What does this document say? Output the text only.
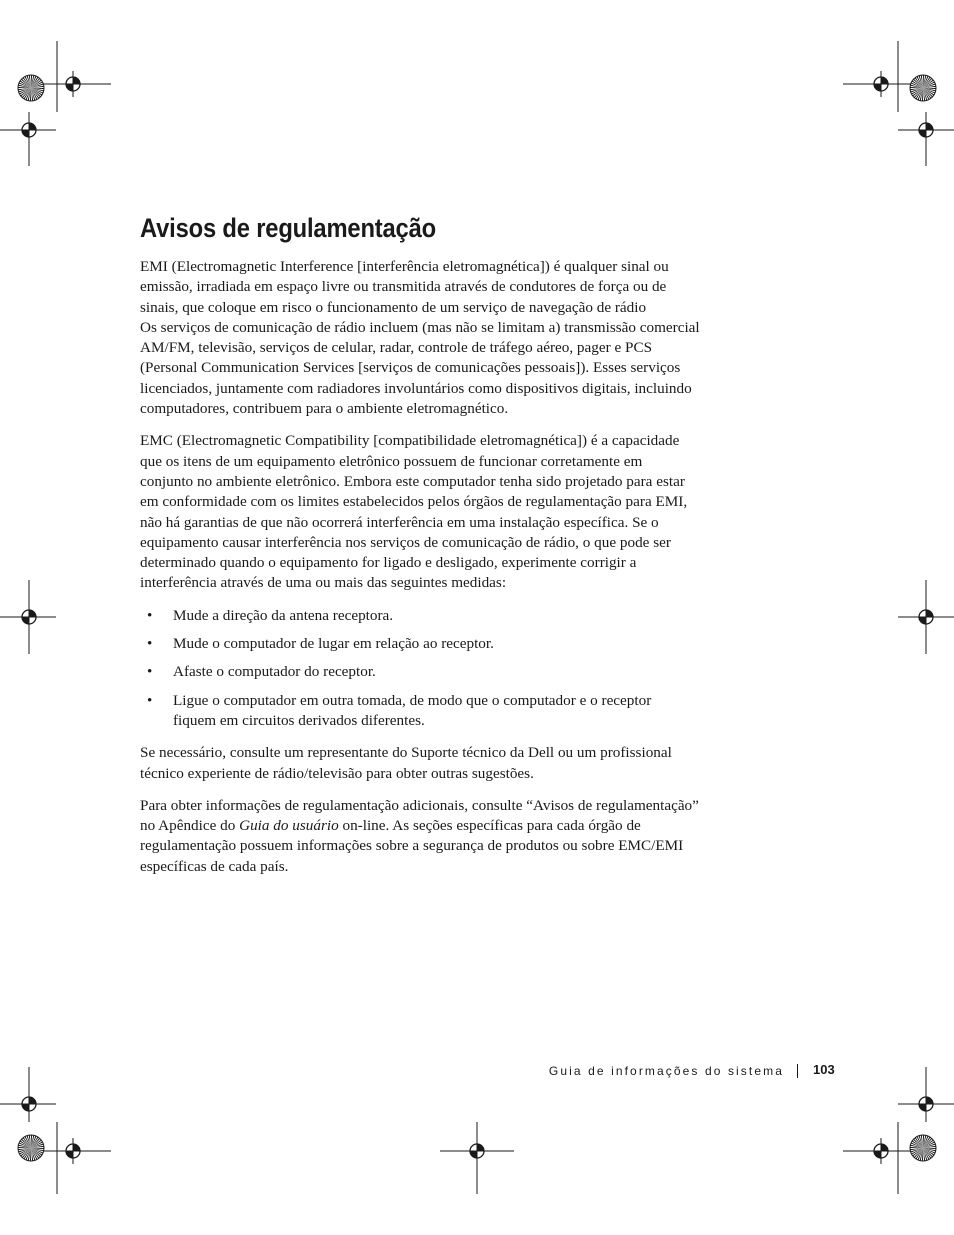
Avisos de regulamentação

EMI (Electromagnetic Interference [interferência eletromagnética]) é qualquer sinal ou
emissão, irradiada em espaço livre ou transmitida através de condutores de força ou de
sinais, que coloque em risco o funcionamento de um serviço de navegação de rádio
Os serviços de comunicação de rádio incluem (mas não se limitam a) transmissão comercial
AM/FM, televisão, serviços de celular, radar, controle de tráfego aéreo, pager e PCS
(Personal Communication Services [serviços de comunicações pessoais]). Esses serviços
licenciados, juntamente com radiadores involuntários como dispositivos digitais, incluindo
computadores, contribuem para o ambiente eletromagnético.

EMC (Electromagnetic Compatibility [compatibilidade eletromagnética]) é a capacidade
que os itens de um equipamento eletrônico possuem de funcionar corretamente em
conjunto no ambiente eletrônico. Embora este computador tenha sido projetado para estar
em conformidade com os limites estabelecidos pelos órgãos de regulamentação para EMI,
não há garantias de que não ocorrerá interferência em uma instalação específica. Se o
equipamento causar interferência nos serviços de comunicação de rádio, o que pode ser
determinado quando o equipamento for ligado e desligado, experimente corrigir a
interferência através de uma ou mais das seguintes medidas:

• Mude a direção da antena receptora.
• Mude o computador de lugar em relação ao receptor.
• Afaste o computador do receptor.
• Ligue o computador em outra tomada, de modo que o computador e o receptor
fiquem em circuitos derivados diferentes.

Se necessário, consulte um representante do Suporte técnico da Dell ou um profissional
técnico experiente de rádio/televisão para obter outras sugestões.

Para obter informações de regulamentação adicionais, consulte “Avisos de regulamentação”
no Apêndice do Guia do usuário on-line. As seções específicas para cada órgão de
regulamentação possuem informações sobre a segurança de produtos ou sobre EMC/EMI
específicas de cada país.

Guia de informações do sistema 103
